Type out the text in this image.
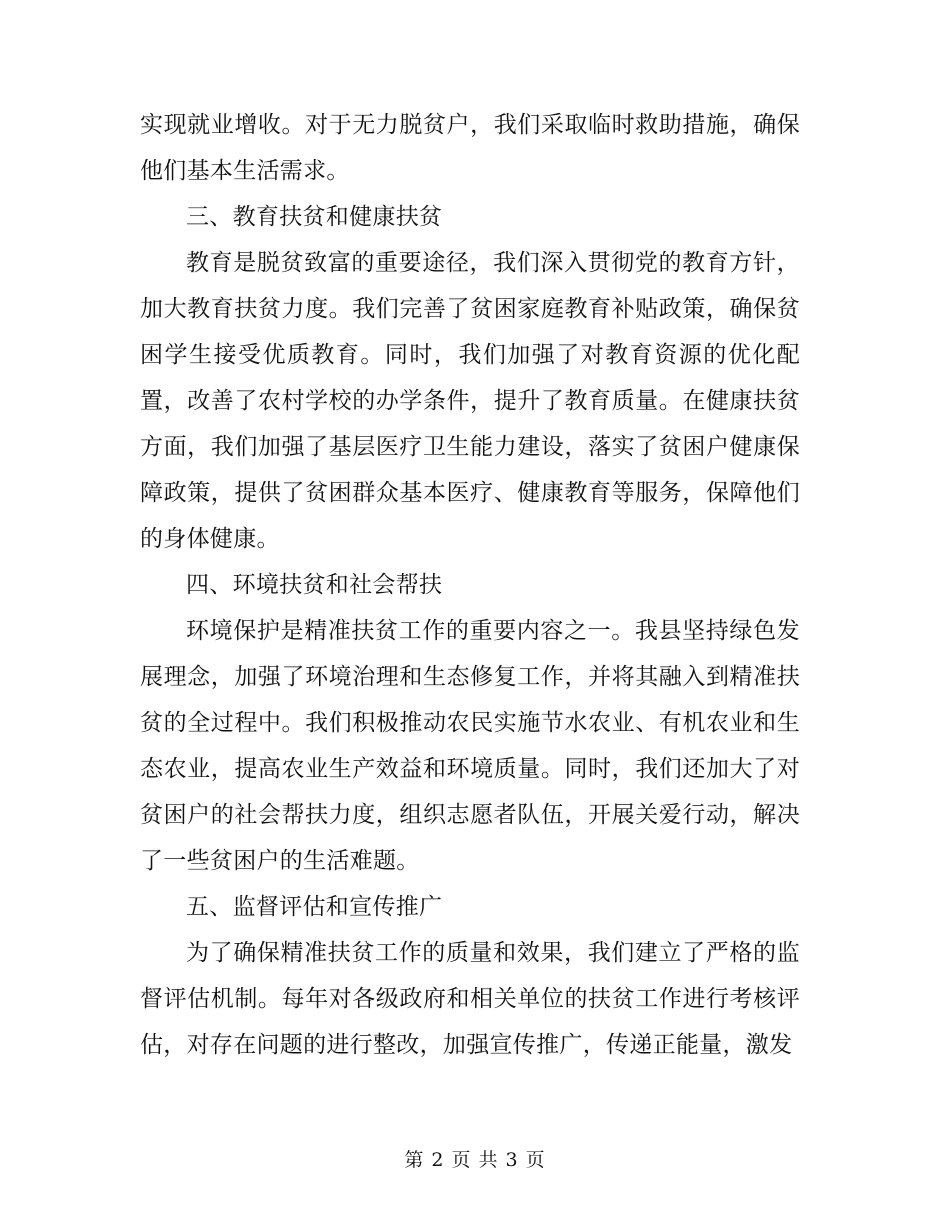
实现就业增收。对于无力脱贫户，我们采取临时救助措施，确保他们基本生活需求。

三、教育扶贫和健康扶贫

教育是脱贫致富的重要途径，我们深入贯彻党的教育方针，加大教育扶贫力度。我们完善了贫困家庭教育补贴政策，确保贫困学生接受优质教育。同时，我们加强了对教育资源的优化配置，改善了农村学校的办学条件，提升了教育质量。在健康扶贫方面，我们加强了基层医疗卫生能力建设，落实了贫困户健康保障政策，提供了贫困群众基本医疗、健康教育等服务，保障他们的身体健康。

四、环境扶贫和社会帮扶

环境保护是精准扶贫工作的重要内容之一。我县坚持绿色发展理念，加强了环境治理和生态修复工作，并将其融入到精准扶贫的全过程中。我们积极推动农民实施节水农业、有机农业和生态农业，提高农业生产效益和环境质量。同时，我们还加大了对贫困户的社会帮扶力度，组织志愿者队伍，开展关爱行动，解决了一些贫困户的生活难题。

五、监督评估和宣传推广

为了确保精准扶贫工作的质量和效果，我们建立了严格的监督评估机制。每年对各级政府和相关单位的扶贫工作进行考核评估，对存在问题的进行整改，加强宣传推广，传递正能量，激发

第 2 页 共 3 页
